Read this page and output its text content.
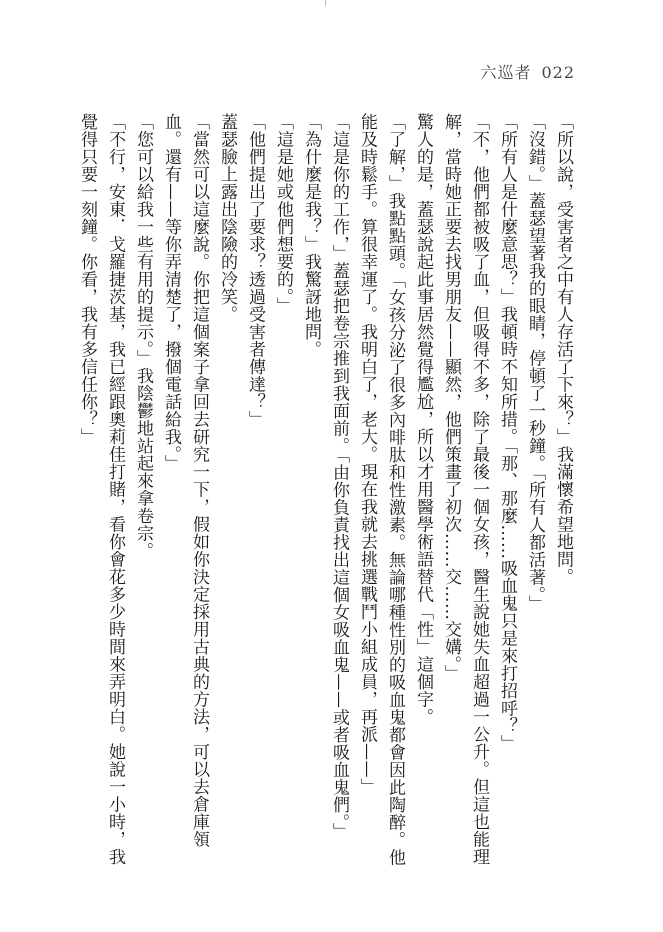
六巡者 022

「所以說，受害者之中有人存活了下來？」我滿懷希望地問。

「沒錯。」蓋瑟望著我的眼睛，停頓了一秒鐘。「所有人都活著。」

「所有人是什麼意思？」我頓時不知所措。「那、那麼……吸血鬼只是來打招呼？」

「不，他們都被吸了血，但吸得不多，除了最後一個女孩，醫生說她失血超過一公升。但這也能理解，當時她正要去找男朋友——顯然，他們策畫了初次……交……交媾。」

驚人的是，蓋瑟說起此事居然覺得尷尬，所以才用醫學術語替代「性」這個字。

「了解，」我點點頭。「女孩分泌了很多內啡肽和性激素。無論哪種性別的吸血鬼都會因此陶醉。他能及時鬆手。算很幸運了。我明白了，老大。現在我就去挑選戰鬥小組成員，再派——」

「這是你的工作，」蓋瑟把卷宗推到我面前。「由你負責找出這個女吸血鬼——或者吸血鬼們。」

「為什麼是我？」我驚訝地問。

「這是她或他們想要的。」

「他們提出了要求？透過受害者傳達？」

蓋瑟臉上露出陰險的冷笑。

「當然可以這麼說。你把這個案子拿回去研究一下，假如你決定採用古典的方法，可以去倉庫領血。還有——等你弄清楚了，撥個電話給我。」

「您可以給我一些有用的提示。」我陰鬱地站起來拿卷宗。

「不行，安東．戈羅捷茨基，我已經跟奧莉佳打賭，看你會花多少時間來弄明白。她說一小時，我覺得只要一刻鐘。你看，我有多信任你？」
